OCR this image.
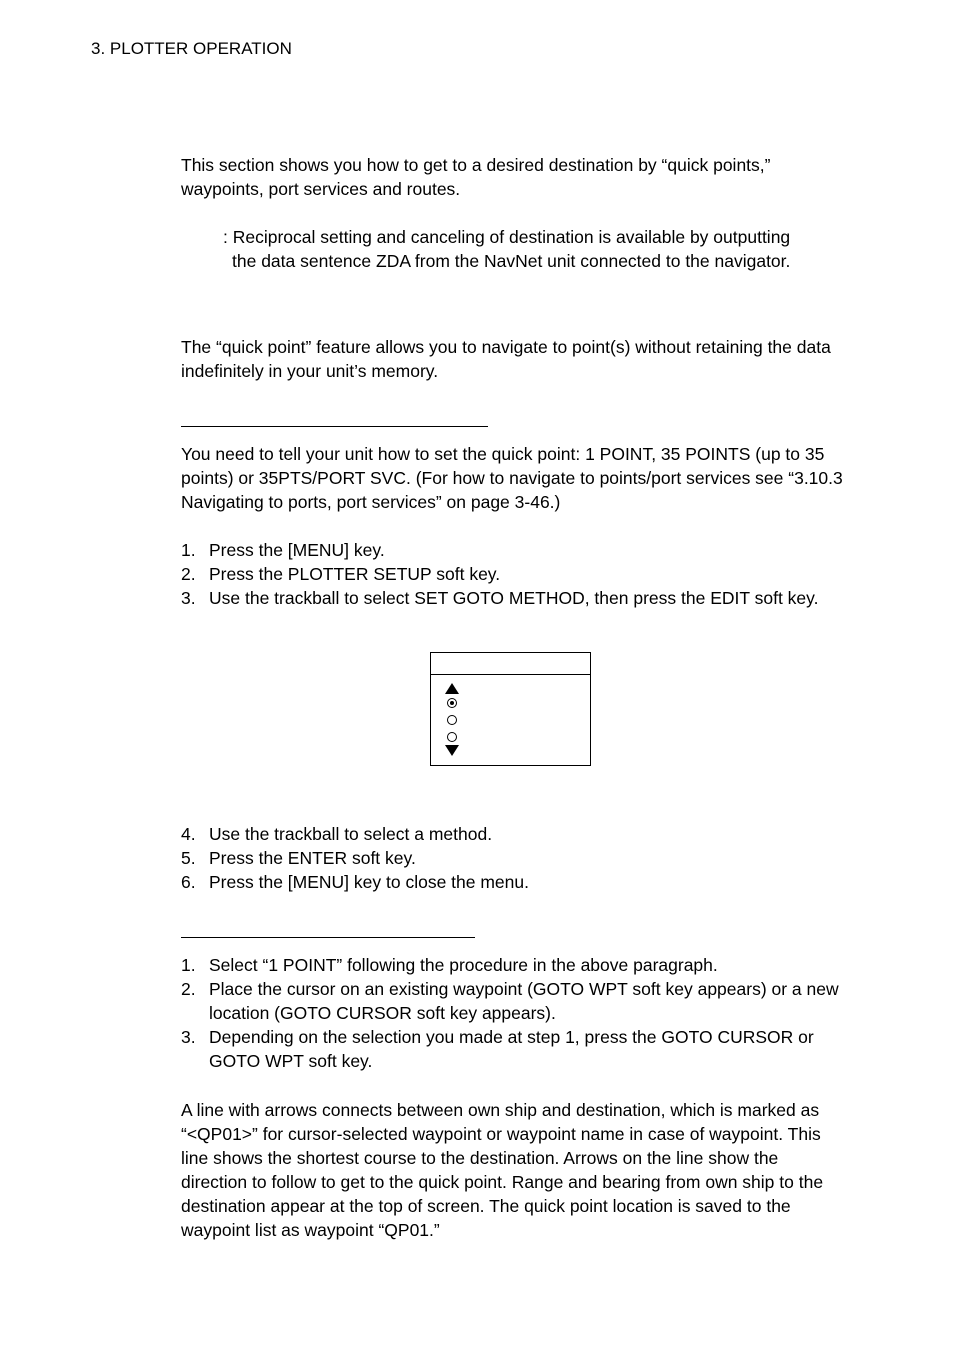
3. PLOTTER OPERATION

This section shows you how to get to a desired destination by “quick points,” waypoints, port services and routes.

: Reciprocal setting and canceling of destination is available by outputting
the data sentence ZDA from the NavNet unit connected to the navigator.

The “quick point” feature allows you to navigate to point(s) without retaining the data indefinitely in your unit’s memory.

You need to tell your unit how to set the quick point: 1 POINT, 35 POINTS (up to 35 points) or 35PTS/PORT SVC. (For how to navigate to points/port services see “3.10.3 Navigating to ports, port services” on page 3-46.)

1. Press the [MENU] key.
2. Press the PLOTTER SETUP soft key.
3. Use the trackball to select SET GOTO METHOD, then press the EDIT soft key.
4. Use the trackball to select a method.
5. Press the ENTER soft key.
6. Press the [MENU] key to close the menu.
1. Select “1 POINT” following the procedure in the above paragraph.
2. Place the cursor on an existing waypoint (GOTO WPT soft key appears) or a new location (GOTO CURSOR soft key appears).
3. Depending on the selection you made at step 1, press the GOTO CURSOR or GOTO WPT soft key.

A line with arrows connects between own ship and destination, which is marked as “<QP01>” for cursor-selected waypoint or waypoint name in case of waypoint. This line shows the shortest course to the destination. Arrows on the line show the direction to follow to get to the quick point. Range and bearing from own ship to the destination appear at the top of screen. The quick point location is saved to the waypoint list as waypoint “QP01.”
